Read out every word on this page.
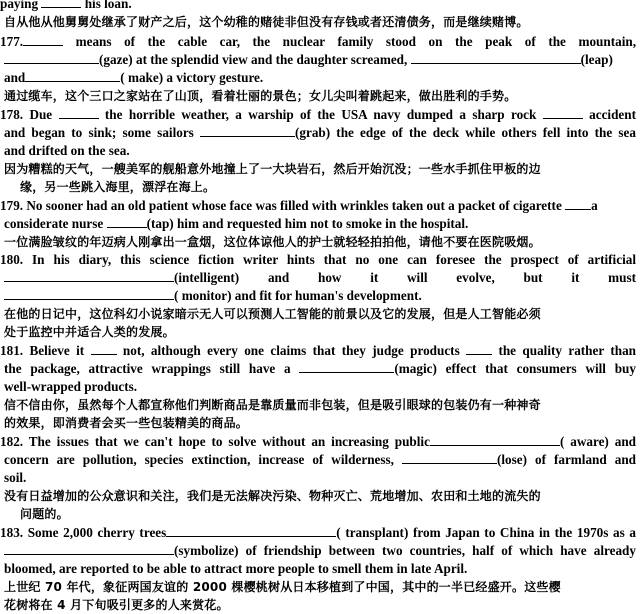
paying	his loan.
自从他从他舅舅处继承了财产之后，这个幼稚的赌徒非但没有存钱或者还清债务，而是继续赌博。
177.	means of the cable car, the nuclear family stood on the peak of the mountain,
(gaze) at the splendid view and the daughter screamed,	(leap)
and	( make) a victory gesture.
通过缆车，这个三口之家站在了山顶，看着壮丽的景色；女儿尖叫着跳起来，做出胜利的手势。
178. Due	the horrible weather, a warship of the USA navy dumped a sharp rock	accident
and began to sink; some sailors	(grab) the edge of the deck while others fell into the sea
and drifted on the sea.
因为糟糕的天气，一艘美军的舰船意外地撞上了一大块岩石，然后开始沉没；一些水手抓住甲板的边
缘，另一些跳入海里，漂浮在海上。
179. No sooner had an old patient whose face was filled with wrinkles taken out a packet of cigarette a
considerate nurse	(tap) him and requested him not to smoke in the hospital.
一位满脸皱纹的年迈病人刚拿出一盒烟，这位体谅他人的护士就轻轻拍拍他，请他不要在医院吸烟。
180. In his diary, this science fiction writer hints that no one can foresee the prospect of artificial
(intelligent) and how it will evolve, but it must
( monitor) and fit for human's development.
在他的日记中，这位科幻小说家暗示无人可以预测人工智能的前景以及它的发展，但是人工智能必须
处于监控中并适合人类的发展。
181. Believe it  not, although every one claims that they judge products  the quality rather than
the package, attractive wrappings still have a	(magic) effect that consumers will buy
well-wrapped products.
信不信由你，虽然每个人都宣称他们判断商品是靠质量而非包装，但是吸引眼球的包装仍有一种神奇
的效果，即消费者会买一些包装精美的商品。
182. The issues that we can't hope to solve without an increasing public	( aware) and
concern are pollution, species extinction, increase of wilderness,	(lose) of farmland and
soil.
没有日益增加的公众意识和关注，我们是无法解决污染、物种灭亡、荒地增加、农田和土地的流失的
问题的。
183. Some 2,000 cherry trees	( transplant) from Japan to China in the 1970s as a
(symbolize) of friendship between two countries, half of which have already
bloomed, are reported to be able to attract more people to smell them in late April.
上世纪 70 年代，象征两国友谊的 2000 棵樱桃树从日本移植到了中国，其中的一半已经盛开。这些樱
花树将在 4 月下旬吸引更多的人来赏花。
